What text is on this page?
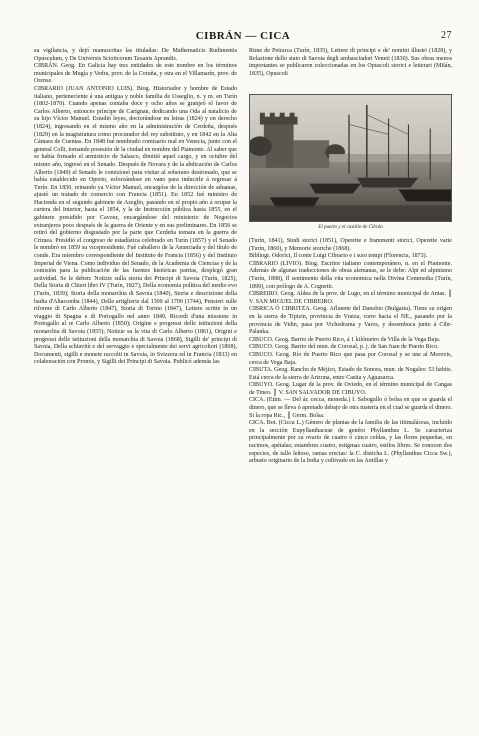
CIBRÁN — CICA	27

su vigilancia, y dejó manuscritas las tituladas: De Mathematicis Rudimentis Opusculum, y De Universis Scioticorum Taxanis Aprandis.

CIBRÁN. Geog. En Galicia hay tres entidades de este nombre en los términos municipales de Mugía y Vedra, prov. de la Coruña, y otra en el Villamarín, prov. de Orense.

CIBRARIO (JUAN ANTONIO LUIS). Biog. Historiador y hombre de Estado italiano, perteneciente á una antigua y noble familia de Usseglio, n. y m. en Turín (1802-1870). Cuando apenas contaba doce y ocho años se granjeó el favor de Carlos Alberto, entonces príncipe de Carignan, dedicando una Oda al natalicio de su hijo Víctor Manuel. Estudió leyes, doctorándose en letras (1824) y en derecho (1824), ingresando en el mismo año en la administración de Cerdeña, después (1829) en la magistratura como procurador del rey substituto, y en 1842 en la Alta Cámara de Cuentas. En 1848 fué nombrado comisario real en Venecia, junto con el general Colli, tomando posesión de la ciudad en nombre del Piamonte. Al saber que se había firmado el armisticio de Salasco, dimitió aquel cargo, y en octubre del mismo año, ingresó en el Senado. Después de Novara y de la abdicación de Carlos Alberto (1849) el Senado le comisionó para visitar al soberano destronado, que se había establecido en Oporto, esforzándose en vano para inducirle á regresar á Turín. En 1850, reinando ya Víctor Manuel, encargóse de la dirección de aduanas, ajustó un tratado de comercio con Francia (1851). En 1852 fué ministro de Hacienda en el segundo gabinete de Azeglio, pasando en el propio año á ocupar la cartera del Interior, hasta el 1854, y la de Instrucción pública hasta 1855, en el gabinete presidido por Cavour, encargándose del ministerio de Negocios extranjeros poco después de la guerra de Oriente y en sus preliminares. En 1856 se retiró del gobierno disgustado por la parte que Cerdeña tomara en la guerra de Crimea. Presidió el congreso de estadística celebrado en Turín (1857) y el Senado le nombró en 1859 su vicepresidente. Fué caballero de la Anunciada y del título de conde. Era miembro correspondiente del Instituto de Francia (1856) y del Instituto Imperial de Viena. Como individuo del Senado, de la Academia de Ciencias y de la comisión para la publicación de las fuentes históricas patrias, desplegó gran actividad. Se le deben: Notizie sulla storia dei Principi di Savoia (Turín, 1825), Della Storia di Chieri libri IV (Turín, 1827), Della economia política del medio evo (Turín, 1839); Storia della monarchia di Savoia (1840), Storia e descrizione della badia d'Altacomba (1844), Delle artiglierie dal 1300 al 1700 (1744), Pensieri sulle riforme di Carlo Alberto (1847), Storia di Torino (1847), Lettere scritte in un viaggio di Spagna e di Portogallo nel anno 1849, Ricordi d'una missione in Portogallo al re Carlo Alberto (1850); Origine e progressi delle istituzioni della monarchia di Savoia (1855); Notizie su la vita di Carlo Alberto (1861), Origini e progressi delle istituzioni della monarchia di Savoia (1868), Sigilli de' principi di Savoia, Della schiavitù e del servaggio e specialmente dei servi agricoltori (1868), Documenti, sigilli e monete raccolti in Savoia, in Svizzera ed in Francia (1833) en colaboración con Promis, y Sigilli dei Principi di Savoia. Publicó además las

Rime de Petrarca (Turín, 1835), Lettere di principi e de' nomini illustri (1828), y Relazione dello stato di Savoia degli ambasciadori Veneti (1830). Sus obras menos importantes se publicaron coleccionadas en los Opuscoli storici e letterari (Milán, 1835), Opuscoli

El puerto y el castillo de Cibrán

(Turín, 1841), Studi storici (1851), Operette e frammenti storici, Operette varie (Turín, 1860), y Memorie storiche (1868).

Bibliogr. Odorici, Il conte Luigi Cibrario e i suoi tempi (Florencia, 1873).

CIBRARIO (LIVIO). Biog. Escritor italiano contemporáneo, n. en el Piamonte. Además de algunas traducciones de obras alemanas, se le debe: Alpi ed alpinismo (Turín, 1898), Il sentimento della vita economica nella Divina Commedia (Turín, 1899), con prólogo de A. Cognetti.

CIBREIRO. Geog. Aldea de la prov. de Lugo, en el término municipal de Antas. ║ V. SAN MIGUEL DE CIBREIRO.

CIBRICA Ó CIBRITZA. Geog. Afluente del Danubio (Bulgaria). Tiene su origen en la sierra de Tipizin, provincia de Vratza, corre hacia el NE., pasando por la provincia de Vidin, pasa por Vichedrama y Varos, y desemboca junto á Cibr-Palanka.

CIBUCO. Geog. Barrio de Puerto Rico, á 1 kilómetro de Villa de la Vega Baja.

CIBUCO. Geog. Barrio del mun. de Corozal, p. j. de San Juan de Puerto Rico.

CIBUCO. Geog. Río de Puerto Rico que pasa por Corozal y se une al Morovis, cerca de Vega Baja.

CIBUTA. Geog. Rancho de Méjico, Estado de Sonora, mun. de Nogales: 53 habits. Está cerca de la sierra de Arizona, entre Casita y Aguazarca.

CIBUYO. Geog. Lugar de la prov. de Oviedo, en el término municipal de Cangas de Tineo. ║ V. SAN SALVADOR DE CIBUYO.

CICA. (Etim. — Del ár. cecca, moneda.) f. Sabogullo ó bolsa en que se guarda el dinero, que se lleva ó apretado debajo de otra materia en el cual se guarda el dinero. Si la ropa Rtc., ║ Germ. Bolsa.

CICA. Bot. (Cicca L.) Género de plantas de la familia de las titimaláceas, incluido en la sección Eupyllanthaceae de genéro Phyllanthus L. Se caracteriza principalmente por su ovario de cuatro ó cinco celdas, y las flores pequeñas, en racimos, apétalas; estambres cuatro, estigmas cuatro, estilos libres. Se conocen dos especies, de tallo leñoso, ramas erectas: la C. disticha L. (Phyllanthus Cicca Sw.), arbusto originario de la India y cultivado en las Antillas y
